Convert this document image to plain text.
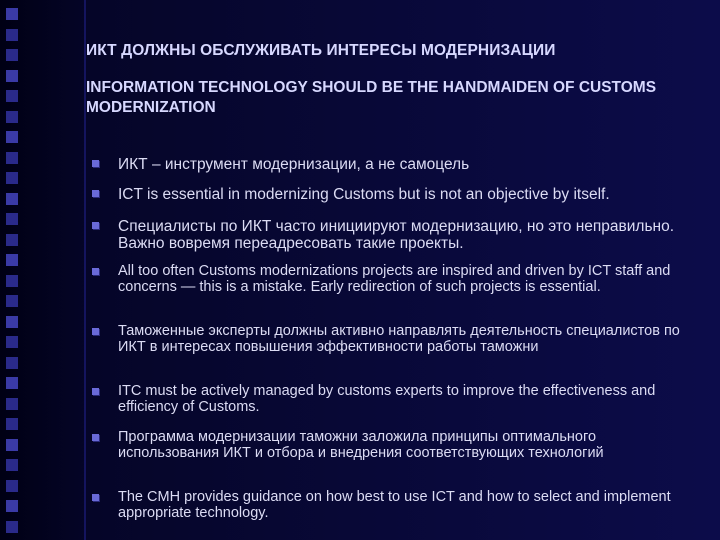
ИКТ ДОЛЖНЫ ОБСЛУЖИВАТЬ ИНТЕРЕСЫ МОДЕРНИЗАЦИИ
INFORMATION TECHNOLOGY SHOULD BE THE HANDMAIDEN OF CUSTOMS MODERNIZATION
ИКТ – инструмент модернизации, а не самоцель
ICT is essential in modernizing Customs but is not an objective by itself.
Специалисты по ИКТ часто инициируют модернизацию, но это неправильно. Важно вовремя переадресовать такие проекты.
All too often Customs modernizations projects are inspired and driven by ICT staff and concerns — this is a mistake. Early redirection of such projects is essential.
Таможенные эксперты должны активно направлять деятельность специалистов по ИКТ в интересах повышения эффективности работы таможни
ITC must be actively managed by customs experts to improve the effectiveness and efficiency of Customs.
Программа модернизации таможни заложила принципы оптимального использования ИКТ и отбора и внедрения соответствующих технологий
The CMH provides guidance on how best to use ICT and how to select and implement appropriate technology.
